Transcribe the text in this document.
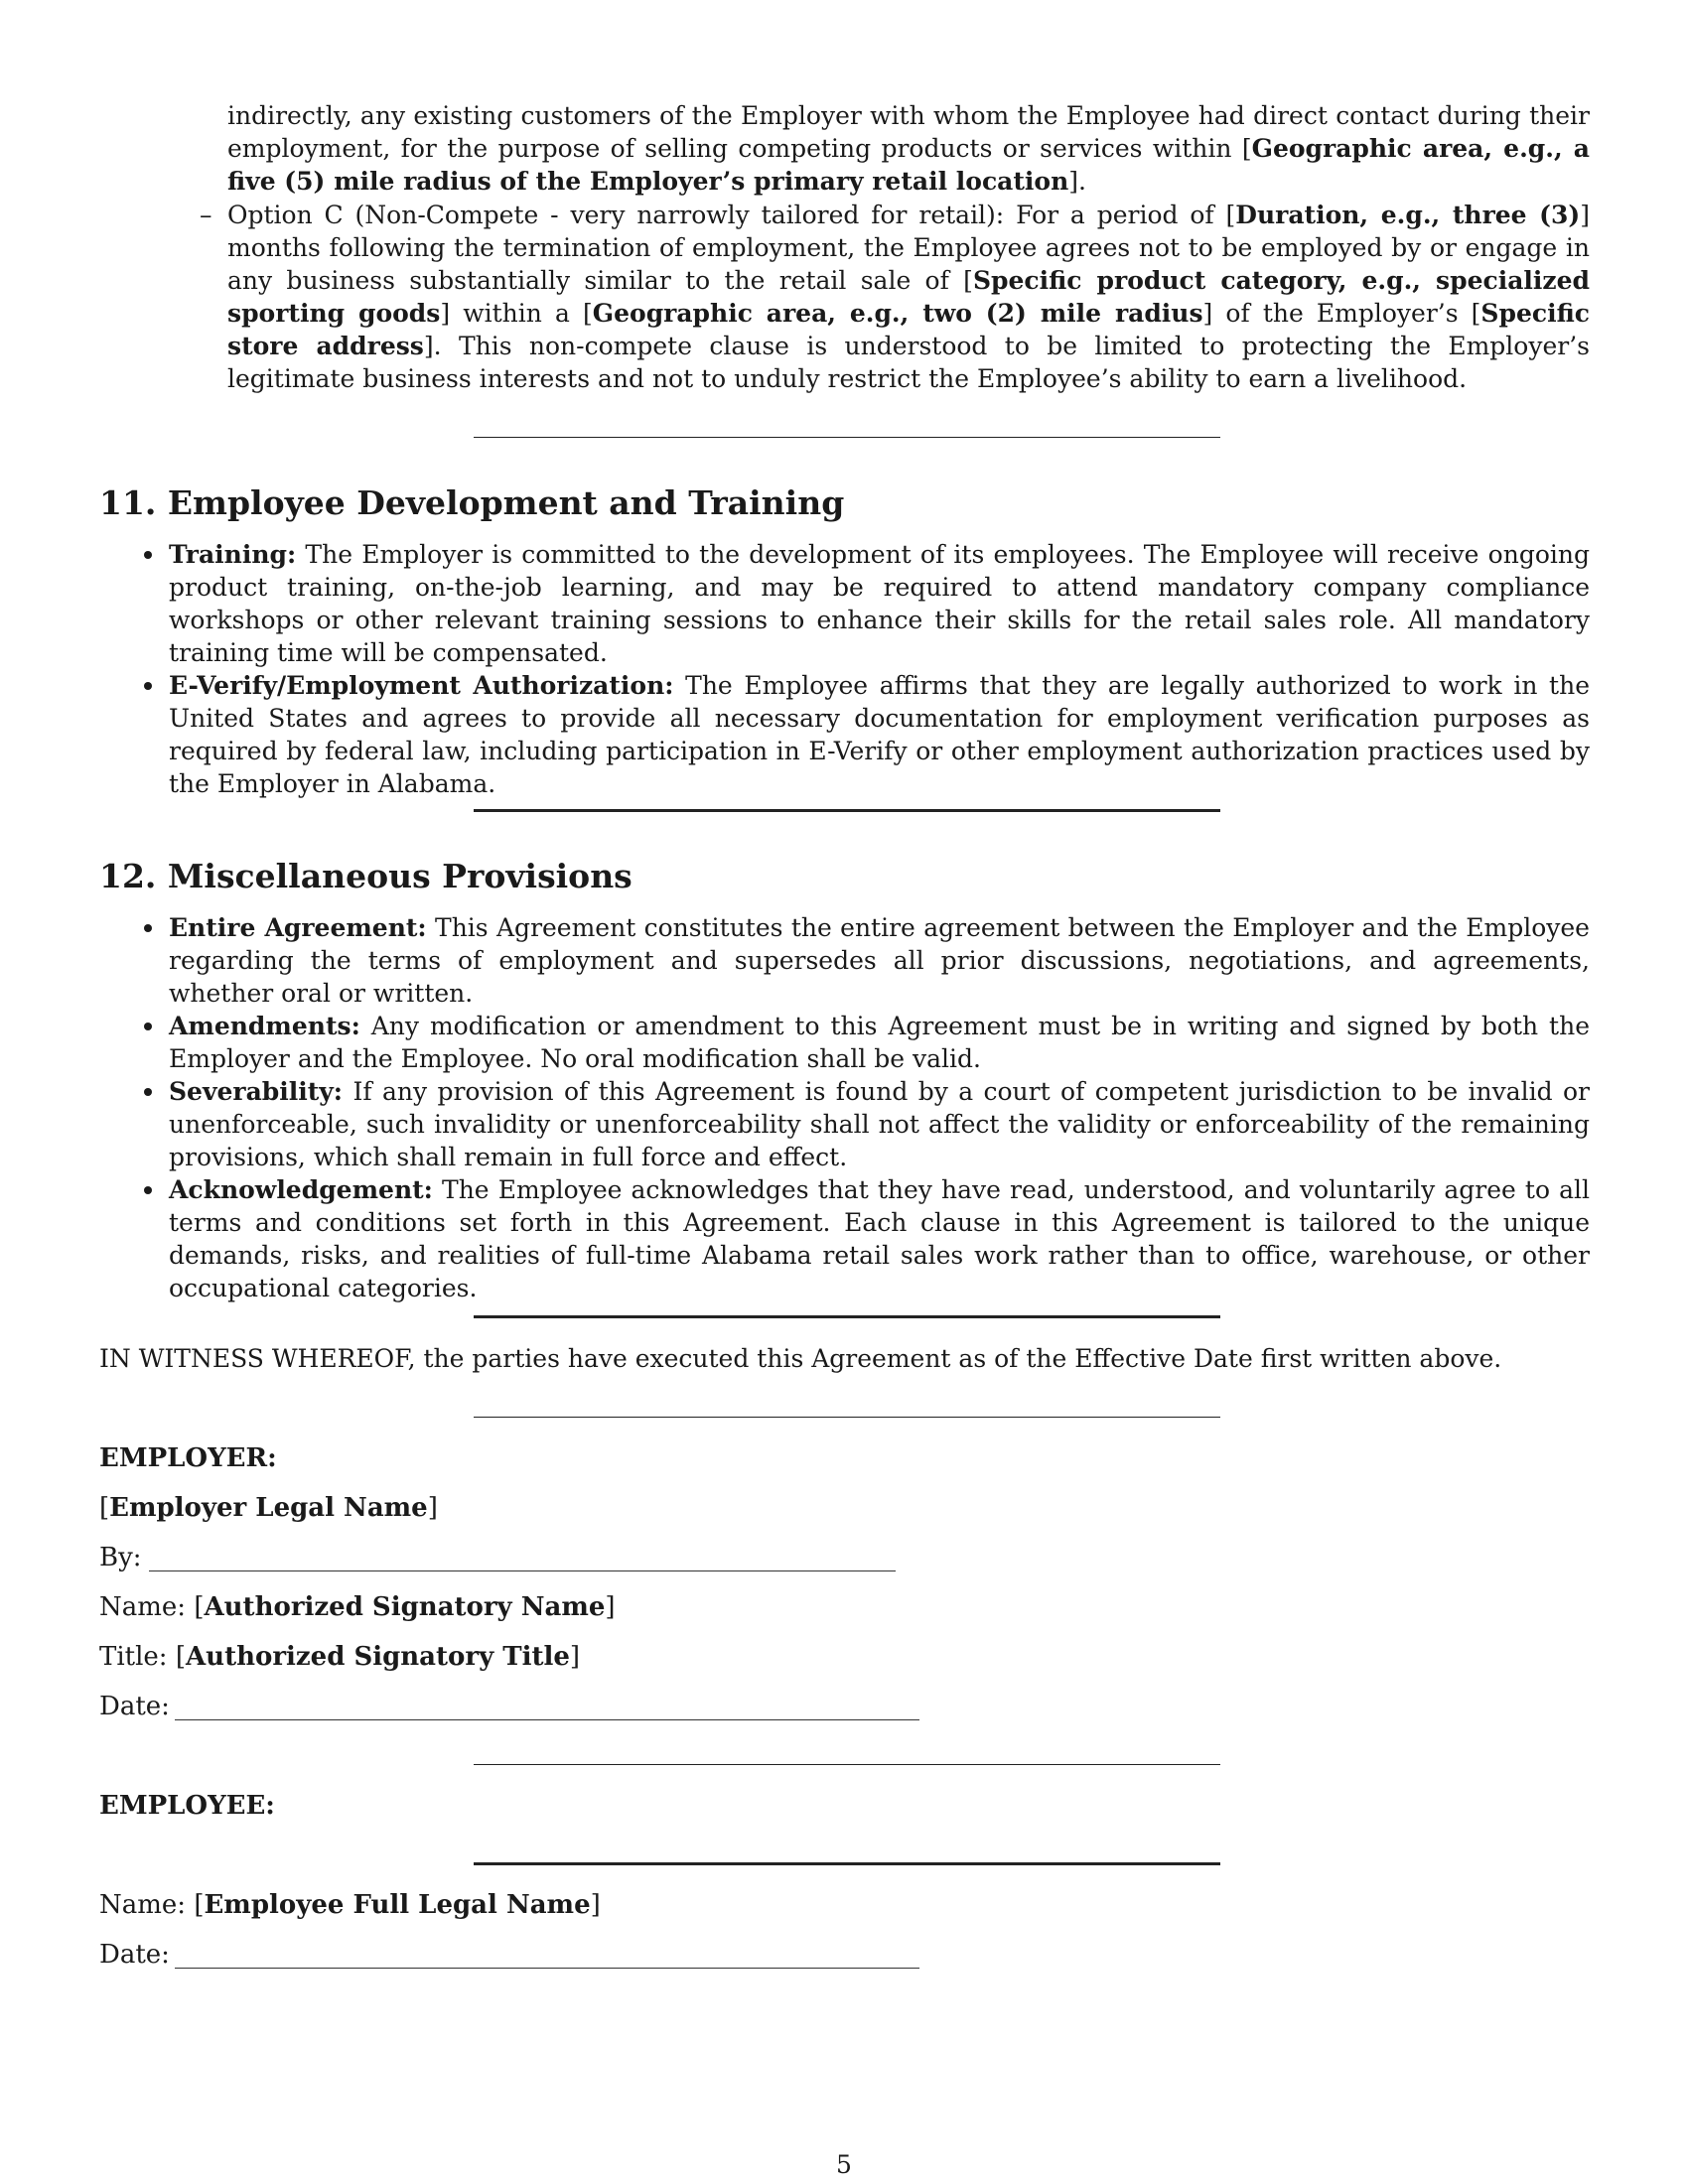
indirectly, any existing customers of the Employer with whom the Employee had direct contact during their employment, for the purpose of selling competing products or services within [Geographic area, e.g., a five (5) mile radius of the Employer’s primary retail location].

– Option C (Non-Compete - very narrowly tailored for retail): For a period of [Duration, e.g., three (3)] months following the termination of employment, the Employee agrees not to be employed by or engage in any business substantially similar to the retail sale of [Specific product category, e.g., specialized sporting goods] within a [Geographic area, e.g., two (2) mile radius] of the Employer’s [Specific store address]. This non-compete clause is understood to be limited to protecting the Employer’s legitimate business interests and not to unduly restrict the Employee’s ability to earn a livelihood.

11. Employee Development and Training
Training: The Employer is committed to the development of its employees. The Employee will receive ongoing product training, on-the-job learning, and may be required to attend mandatory company compliance workshops or other relevant training sessions to enhance their skills for the retail sales role. All mandatory training time will be compensated.
E-Verify/Employment Authorization: The Employee affirms that they are legally authorized to work in the United States and agrees to provide all necessary documentation for employment verification purposes as required by federal law, including participation in E-Verify or other employment authorization practices used by the Employer in Alabama.
12. Miscellaneous Provisions
Entire Agreement: This Agreement constitutes the entire agreement between the Employer and the Employee regarding the terms of employment and supersedes all prior discussions, negotiations, and agreements, whether oral or written.
Amendments: Any modification or amendment to this Agreement must be in writing and signed by both the Employer and the Employee. No oral modification shall be valid.
Severability: If any provision of this Agreement is found by a court of competent jurisdiction to be invalid or unenforceable, such invalidity or unenforceability shall not affect the validity or enforceability of the remaining provisions, which shall remain in full force and effect.
Acknowledgement: The Employee acknowledges that they have read, understood, and voluntarily agree to all terms and conditions set forth in this Agreement. Each clause in this Agreement is tailored to the unique demands, risks, and realities of full-time Alabama retail sales work rather than to office, warehouse, or other occupational categories.

IN WITNESS WHEREOF, the parties have executed this Agreement as of the Effective Date first written above.

EMPLOYER:
[Employer Legal Name]
By:
Name: [Authorized Signatory Name]
Title: [Authorized Signatory Title]
Date:
EMPLOYEE:
Name: [Employee Full Legal Name]
Date:
5
